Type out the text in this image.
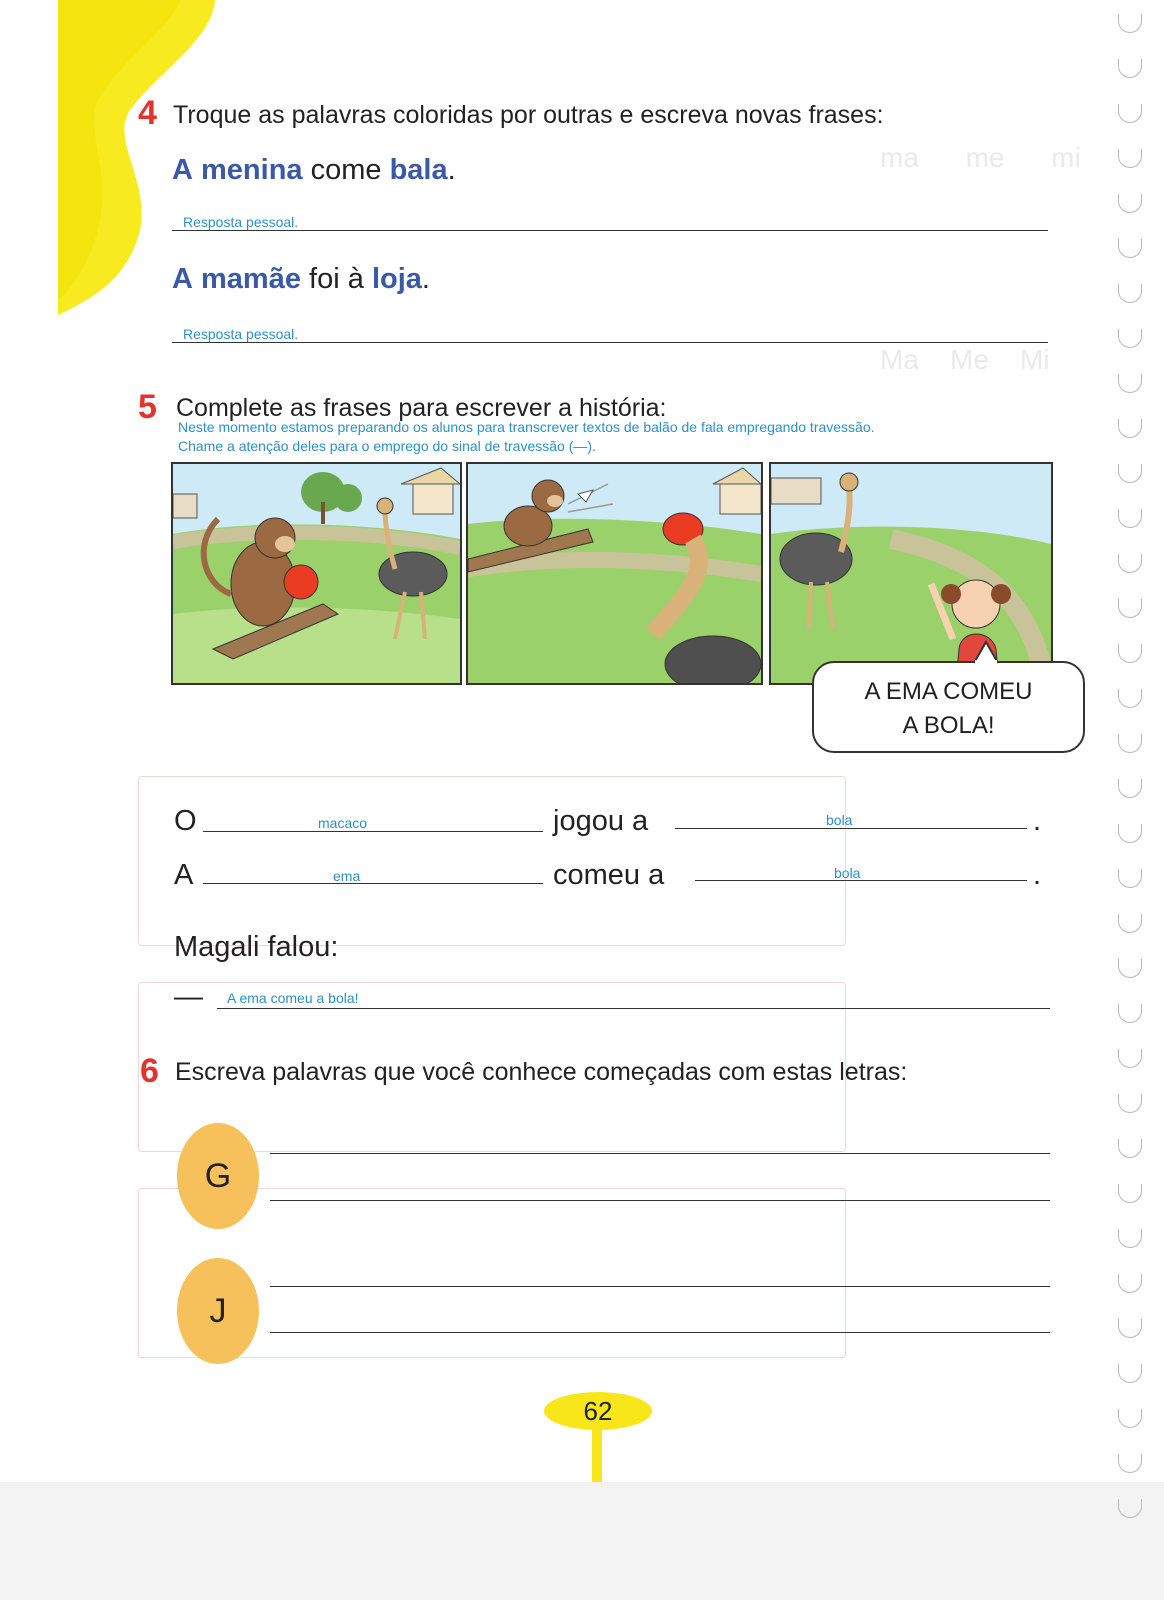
ma      me      mi
Ma    Me    Mi
4 Troque as palavras coloridas por outras e escreva novas frases:
A menina come bala.
Resposta pessoal.
A mamãe foi à loja.
Resposta pessoal.
5 Complete as frases para escrever a história:
Neste momento estamos preparando os alunos para transcrever textos de balão de fala empregando travessão.
Chame a atenção deles para o emprego do sinal de travessão (—).
A EMA COMEU
A BOLA!
O	macaco	jogou a	bola	.
A	ema	comeu a	bola	.
Magali falou:
— A ema comeu a bola!
6 Escreva palavras que você conhece começadas com estas letras:
G
J
62
